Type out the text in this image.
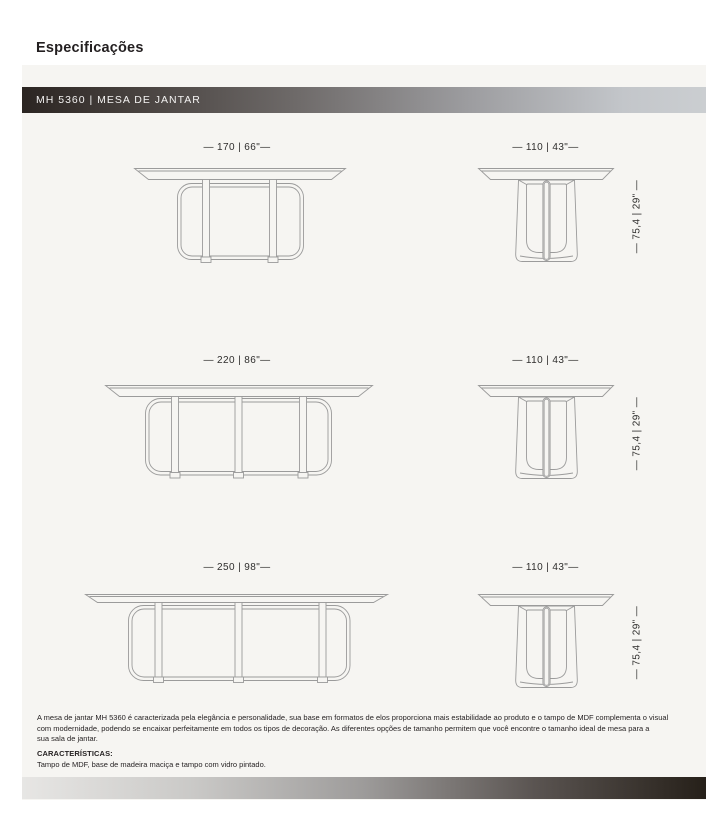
Especificações
MH 5360 | MESA DE JANTAR
— 170 | 66"—	— 110 | 43"—
— 75,4 | 29" —
— 220 | 86"—	— 110 | 43"—
— 75,4 | 29" —
— 250 | 98"—	— 110 | 43"—
— 75,4 | 29" —
A mesa de jantar MH 5360 é caracterizada pela elegância e personalidade, sua base em formatos de elos proporciona mais estabilidade ao produto e o tampo de MDF complementa o visual
com modernidade, podendo se encaixar perfeitamente em todos os tipos de decoração. As diferentes opções de tamanho permitem que você encontre o tamanho ideal de mesa para a
sua sala de jantar.
CARACTERÍSTICAS:
Tampo de MDF, base de madeira maciça e tampo com vidro pintado.
